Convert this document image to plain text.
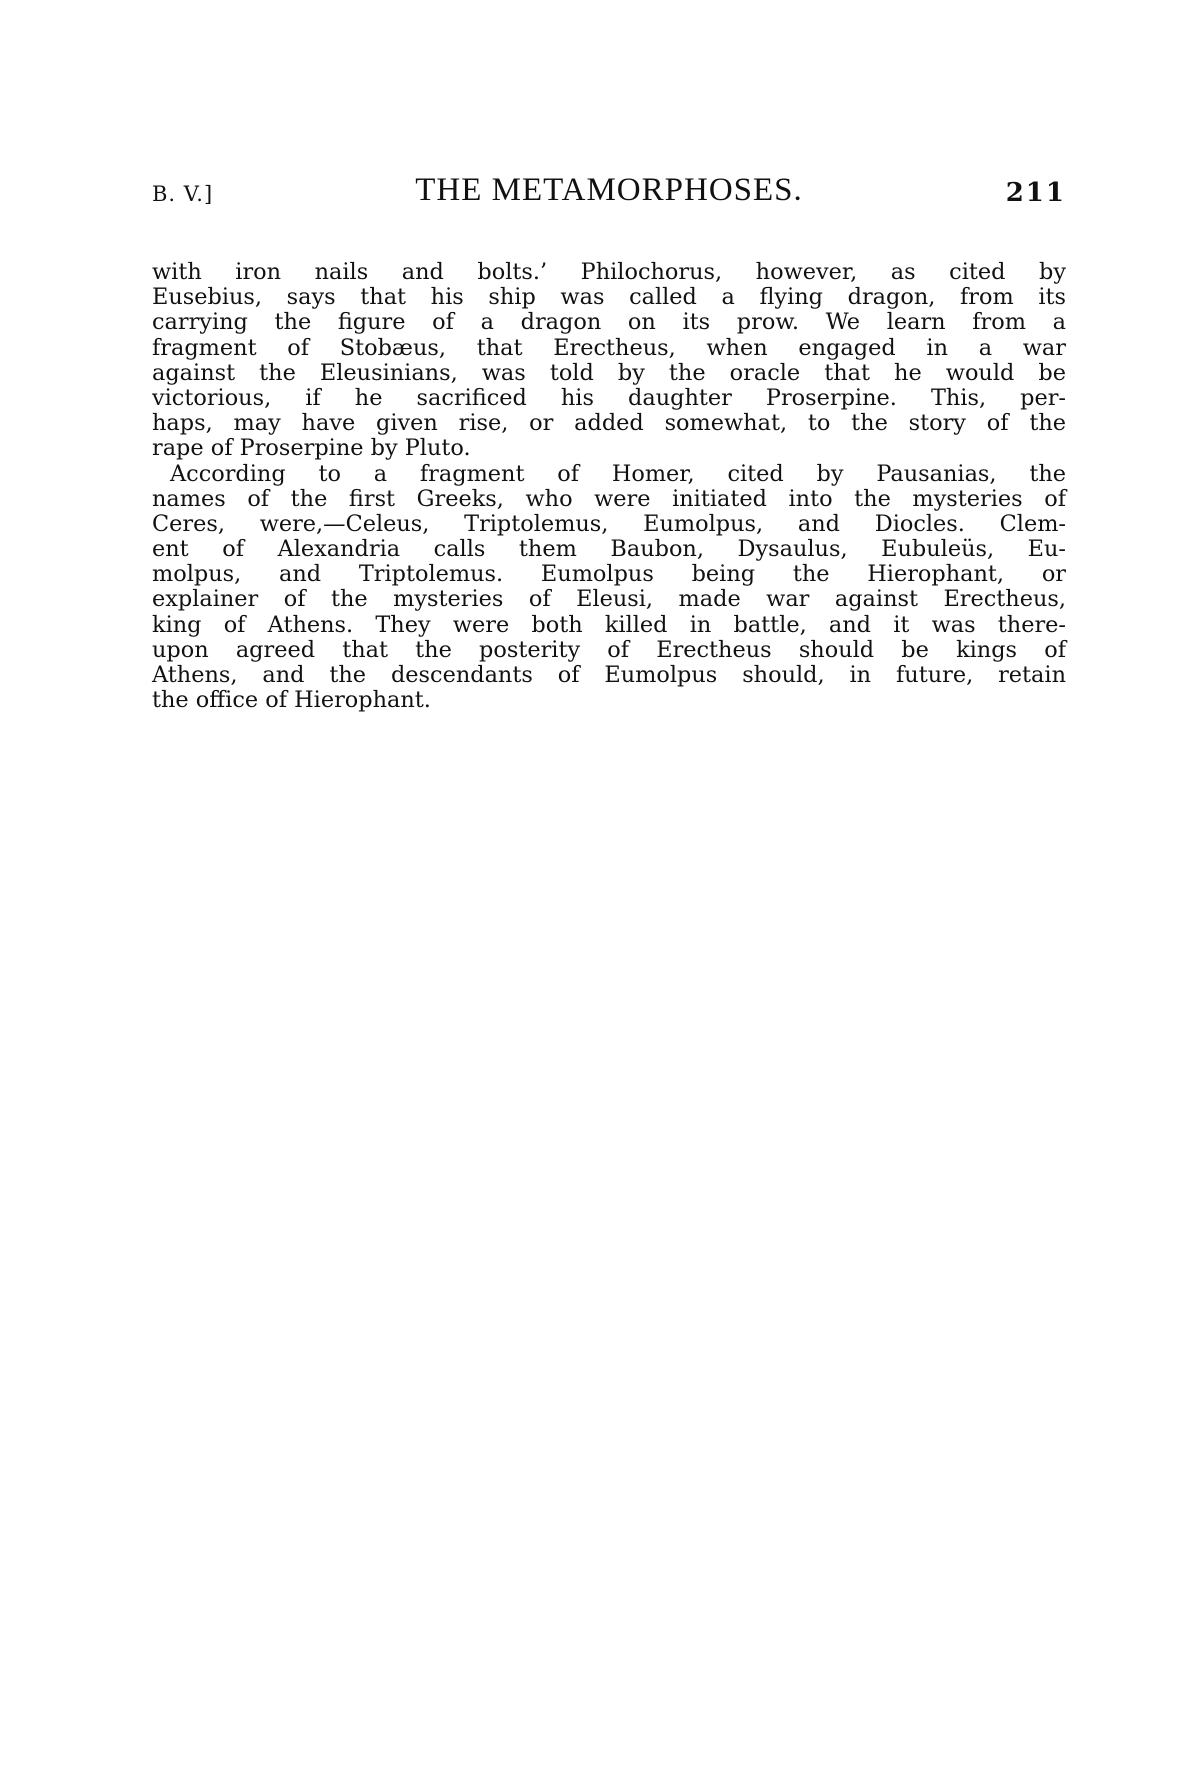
B. V.]	THE METAMORPHOSES.	211
with iron nails and bolts.’ Philochorus, however, as cited by
Eusebius, says that his ship was called a flying dragon, from its
carrying the figure of a dragon on its prow. We learn from a
fragment of Stobæus, that Erectheus, when engaged in a war
against the Eleusinians, was told by the oracle that he would be
victorious, if he sacrificed his daughter Proserpine. This, per-
haps, may have given rise, or added somewhat, to the story of the
rape of Proserpine by Pluto.
According to a fragment of Homer, cited by Pausanias, the
names of the first Greeks, who were initiated into the mysteries of
Ceres, were,—Celeus, Triptolemus, Eumolpus, and Diocles. Clem-
ent of Alexandria calls them Baubon, Dysaulus, Eubuleüs, Eu-
molpus, and Triptolemus. Eumolpus being the Hierophant, or
explainer of the mysteries of Eleusi, made war against Erectheus,
king of Athens. They were both killed in battle, and it was there-
upon agreed that the posterity of Erectheus should be kings of
Athens, and the descendants of Eumolpus should, in future, retain
the office of Hierophant.
